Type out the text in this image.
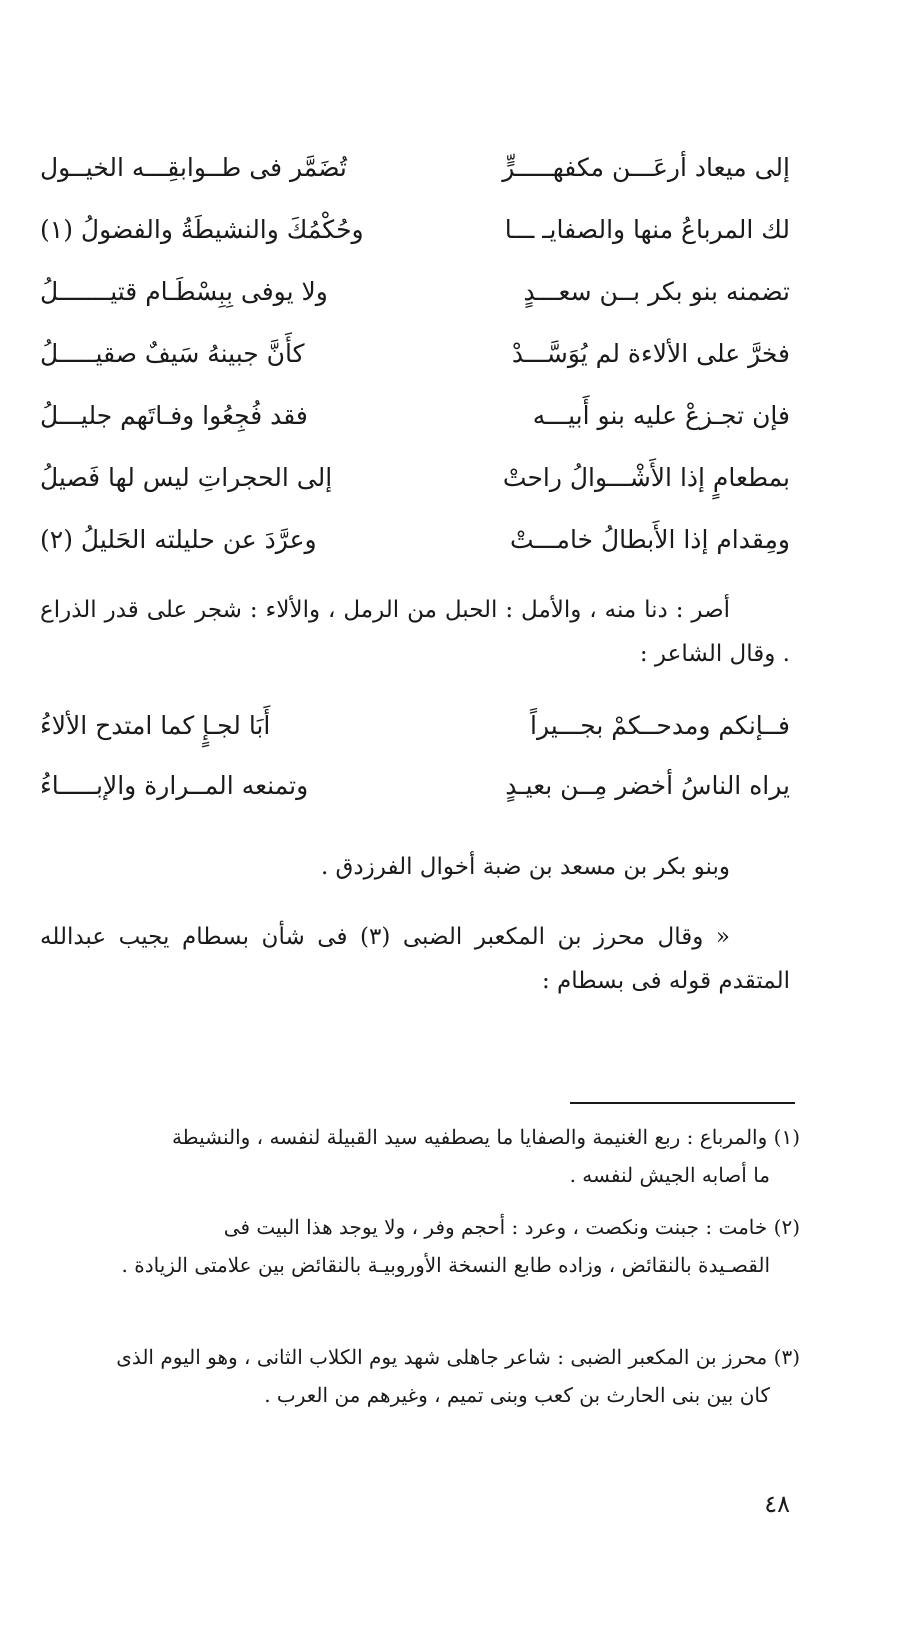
إلى ميعاد أرعَـــن مكفهـــــرٍّ
تُضَمَّر فى طــوابقِـــه الخيــول
لك المرباعُ منها والصفايـ ـــا
وحُكْمُكَ والنشيطَةُ والفضولُ (١)
تضمنه بنو بكر بــن سعـــدٍ
ولا يوفى بِبِسْطَـام قتيـــــــلُ
فخرَّ على الألاءة لم يُوَسَّـــدْ
كأَنَّ جبينهُ سَيفٌ صقيـــــلُ
فإن تجـزعْ عليه بنو أَبيـــه
فقد فُجِعُوا وفـاتَهم جليـــلُ
بمطعامٍ إذا الأَشْـــوالُ راحتْ
إلى الحجراتِ ليس لها فَصيلُ
ومِقدام إذا الأَبطالُ خامـــتْ
وعرَّدَ عن حليلته الحَليلُ (٢)

أصر : دنا منه ، والأمل : الحبل من الرمل ، والألاء : شجر على قدر الذراع . وقال الشاعر :

فــإنكم ومدحــكمْ بجـــيراً
أَبَا لجـإٍ كما امتدح الألاءُ
يراه الناسُ أخضر مِــن بعيـدٍ
وتمنعه المــرارة والإبـــــاءُ

وبنو بكر بن مسعد بن ضبة أخوال الفرزدق .

« وقال محرز بن المكعبر الضبى (٣) فى شأن بسطام يجيب عبدالله المتقدم قوله فى بسطام :

(١) والمرباع : ربع الغنيمة والصفايا ما يصطفيه سيد القبيلة لنفسه ، والنشيطة
ما أصابه الجيش لنفسه .
(٢) خامت : جبنت ونكصت ، وعرد : أحجم وفر ، ولا يوجد هذا البيت فى
القصـيدة بالنقائض ، وزاده طابع النسخة الأوروبيـة بالنقائض بين علامتى الزيادة .
(٣) محرز بن المكعبر الضبى : شاعر جاهلى شهد يوم الكلاب الثانى ، وهو اليوم الذى
كان بين بنى الحارث بن كعب وبنى تميم ، وغيرهم من العرب .
٤٨
